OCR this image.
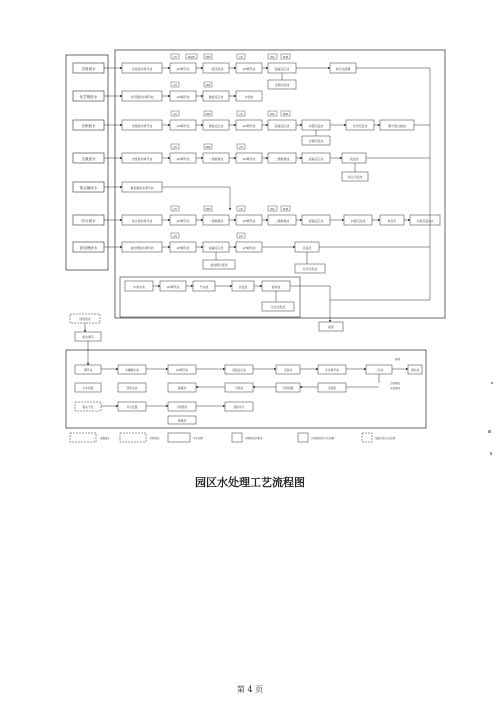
含铬废水
化学镍废水
含铜废水
含氰废水
重金属废水
综合废水
前处理废水
含铬废水调节池	pH调节池	一级还原池	pH调节池	混凝反应池	板式过滤器
含铜污泥池
化学镍废水调节池	pH调节池	破络反应池	中和池
含铜废水调节池	pH调节池	破络反应池	pH调节池	混凝反应池	斜管沉淀池	化学沉淀池	膜分离过滤池
含镍污泥池
含氰废水调节池	pH调节池	一级破氰池	pH调节池	二级破氰池	混凝反应池	沉淀池
综合污泥池
重金属废水调节池
综合废水调节池	pH调节池	一级破氰池	pH调节池	二级破氰池	混凝反应池	斜管沉淀池	电化学	斜管沉淀池2
前处理废水调节池	pH调节池	混凝反应池	pH调节池	沉淀池
前处理污泥池
化学污泥池
中间水池	pH调节池	气浮池	沉淀池	滤布池
生化污泥池
pH	NaOH	ORP	pH	PAC	PAM
pH	ORP
pH	ORP	pH	PAC	PAM
pH	ORP	pH
pH	ORP	pH	PAC	PAM
pH	pH
接管
回用废水
废水调节
调节池	水解酸化池	pH调节池	混凝反应池	沉淀池	生化调节池	二沉池	清水池
出水检测	回用水池	缺氧池	污泥池	污泥浓缩	压滤机
脱水干化	外运处置	污泥暂存	泥饼外运
缺氧池
接管
达标排放
市政管网
电镀废水	回用废水	中水回用	初期雨水收集池	达标排放至污水处理厂	浓缩污泥外运处理
园区水处理工艺流程图
第 4 页
